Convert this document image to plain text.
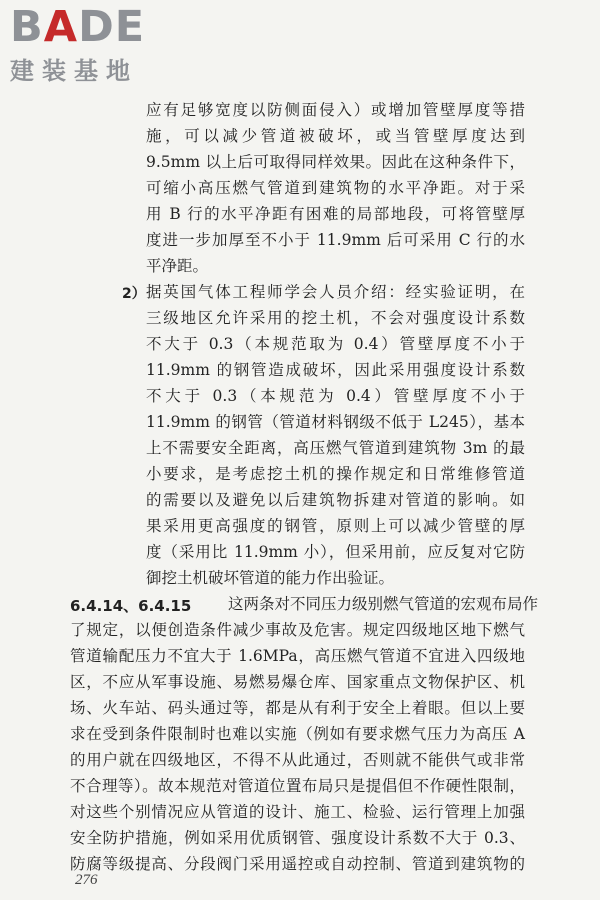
B A DE
建装基地
应有足够宽度以防侧面侵入）或增加管壁厚度等措
施，可以减少管道被破坏，或当管壁厚度达到
9.5mm 以上后可取得同样效果。因此在这种条件下，
可缩小高压燃气管道到建筑物的水平净距。对于采
用 B 行的水平净距有困难的局部地段，可将管壁厚
度进一步加厚至不小于 11.9mm 后可采用 C 行的水
平净距。
2） 据英国气体工程师学会人员介绍：经实验证明，在
三级地区允许采用的挖土机，不会对强度设计系数
不大于 0.3（本规范取为 0.4）管壁厚度不小于
11.9mm 的钢管造成破坏，因此采用强度设计系数
不大于 0.3（本规范为 0.4）管壁厚度不小于
11.9mm 的钢管（管道材料钢级不低于 L245），基本
上不需要安全距离，高压燃气管道到建筑物 3m 的最
小要求，是考虑挖土机的操作规定和日常维修管道
的需要以及避免以后建筑物拆建对管道的影响。如
果采用更高强度的钢管，原则上可以减少管壁的厚
度（采用比 11.9mm 小），但采用前，应反复对它防
御挖土机破坏管道的能力作出验证。
6.4.14、6.4.15	这两条对不同压力级别燃气管道的宏观布局作
了规定，以便创造条件减少事故及危害。规定四级地区地下燃气
管道输配压力不宜大于 1.6MPa，高压燃气管道不宜进入四级地
区，不应从军事设施、易燃易爆仓库、国家重点文物保护区、机
场、火车站、码头通过等，都是从有利于安全上着眼。但以上要
求在受到条件限制时也难以实施（例如有要求燃气压力为高压 A
的用户就在四级地区，不得不从此通过，否则就不能供气或非常
不合理等）。故本规范对管道位置布局只是提倡但不作硬性限制，
对这些个别情况应从管道的设计、施工、检验、运行管理上加强
安全防护措施，例如采用优质钢管、强度设计系数不大于 0.3、
防腐等级提高、分段阀门采用遥控或自动控制、管道到建筑物的
276
